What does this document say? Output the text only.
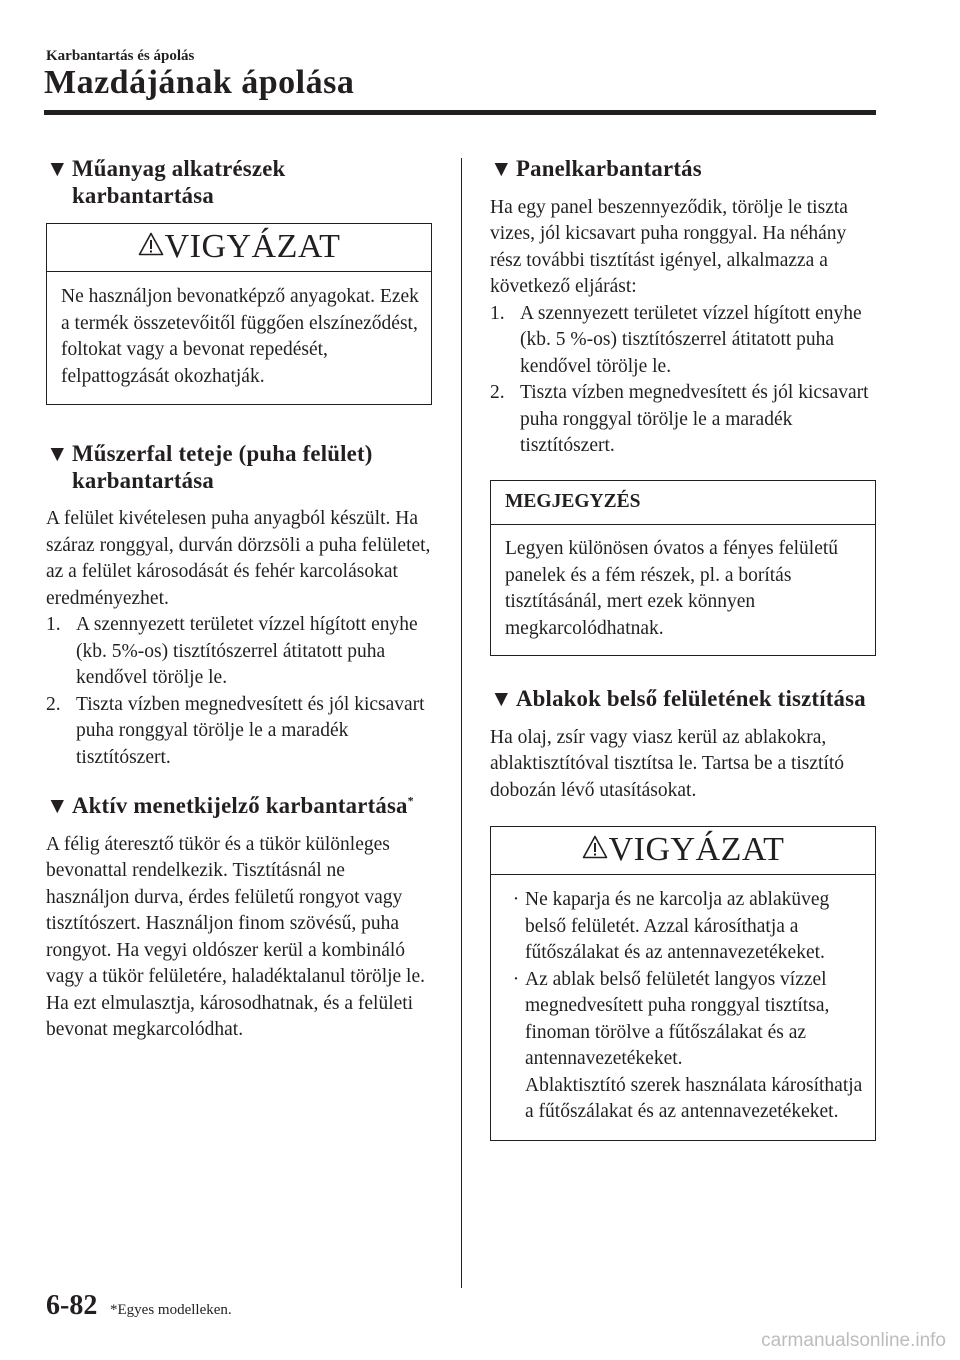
Karbantartás és ápolás
Mazdájának ápolása
▼ Műanyag alkatrészek karbantartása
VIGYÁZAT
Ne használjon bevonatképző anyagokat. Ezek a termék összetevőitől függően elszíneződést, foltokat vagy a bevonat repedését, felpattogzását okozhatják.
▼ Műszerfal teteje (puha felület) karbantartása

A felület kivételesen puha anyagból készült. Ha száraz ronggyal, durván dörzsöli a puha felületet, az a felület károsodását és fehér karcolásokat eredményezhet.

1. A szennyezett területet vízzel hígított enyhe (kb. 5%-os) tisztítószerrel átitatott puha kendővel törölje le.
2. Tiszta vízben megnedvesített és jól kicsavart puha ronggyal törölje le a maradék tisztítószert.
▼ Aktív menetkijelző karbantartása*

A félig áteresztő tükör és a tükör különleges bevonattal rendelkezik. Tisztításnál ne használjon durva, érdes felületű rongyot vagy tisztítószert. Használjon finom szövésű, puha rongyot. Ha vegyi oldószer kerül a kombináló vagy a tükör felületére, haladéktalanul törölje le. Ha ezt elmulasztja, károsodhatnak, és a felületi bevonat megkarcolódhat.

▼ Panelkarbantartás

Ha egy panel beszennyeződik, törölje le tiszta vizes, jól kicsavart puha ronggyal. Ha néhány rész további tisztítást igényel, alkalmazza a következő eljárást:

1. A szennyezett területet vízzel hígított enyhe (kb. 5 %-os) tisztítószerrel átitatott puha kendővel törölje le.
2. Tiszta vízben megnedvesített és jól kicsavart puha ronggyal törölje le a maradék tisztítószert.
MEGJEGYZÉS
Legyen különösen óvatos a fényes felületű panelek és a fém részek, pl. a borítás tisztításánál, mert ezek könnyen megkarcolódhatnak.
▼ Ablakok belső felületének tisztítása

Ha olaj, zsír vagy viasz kerül az ablakokra, ablaktisztítóval tisztítsa le. Tartsa be a tisztító dobozán lévő utasításokat.

VIGYÁZAT
· Ne kaparja és ne karcolja az ablaküveg belső felületét. Azzal károsíthatja a fűtőszálakat és az antennavezetékeket.
· Az ablak belső felületét langyos vízzel megnedvesített puha ronggyal tisztítsa, finoman törölve a fűtőszálakat és az antennavezetékeket.
Ablaktisztító szerek használata károsíthatja a fűtőszálakat és az antennavezetékeket.
6-82 *Egyes modelleken.
carmanualsonline.info
